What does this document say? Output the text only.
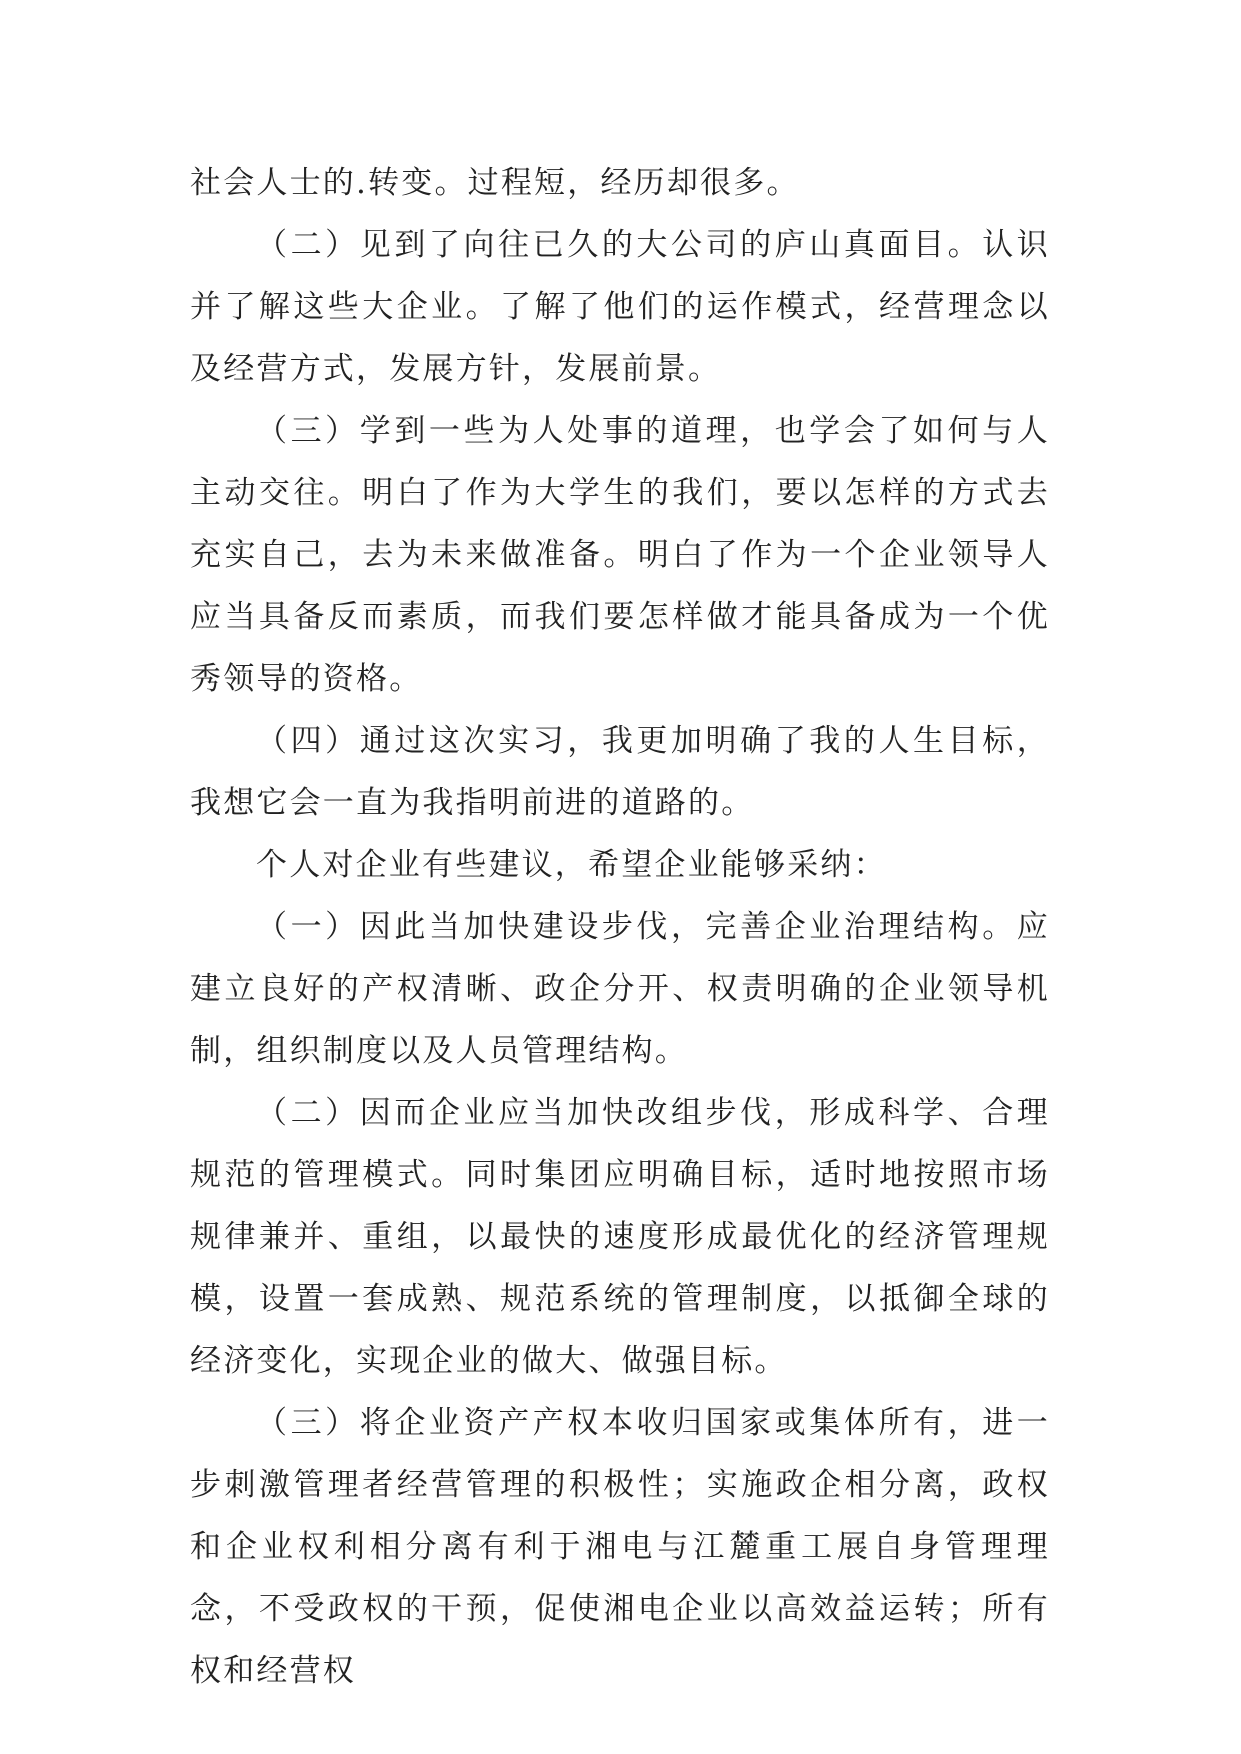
社会人士的.转变。过程短，经历却很多。

（二）见到了向往已久的大公司的庐山真面目。认识并了解这些大企业。了解了他们的运作模式，经营理念以及经营方式，发展方针，发展前景。

（三）学到一些为人处事的道理，也学会了如何与人主动交往。明白了作为大学生的我们，要以怎样的方式去充实自己，去为未来做准备。明白了作为一个企业领导人应当具备反而素质，而我们要怎样做才能具备成为一个优秀领导的资格。

（四）通过这次实习，我更加明确了我的人生目标，我想它会一直为我指明前进的道路的。

个人对企业有些建议，希望企业能够采纳：

（一）因此当加快建设步伐，完善企业治理结构。应建立良好的产权清晰、政企分开、权责明确的企业领导机制，组织制度以及人员管理结构。

（二）因而企业应当加快改组步伐，形成科学、合理规范的管理模式。同时集团应明确目标，适时地按照市场规律兼并、重组，以最快的速度形成最优化的经济管理规模，设置一套成熟、规范系统的管理制度，以抵御全球的经济变化，实现企业的做大、做强目标。

（三）将企业资产产权本收归国家或集体所有，进一步刺激管理者经营管理的积极性；实施政企相分离，政权和企业权利相分离有利于湘电与江麓重工展自身管理理念，不受政权的干预，促使湘电企业以高效益运转；所有权和经营权
